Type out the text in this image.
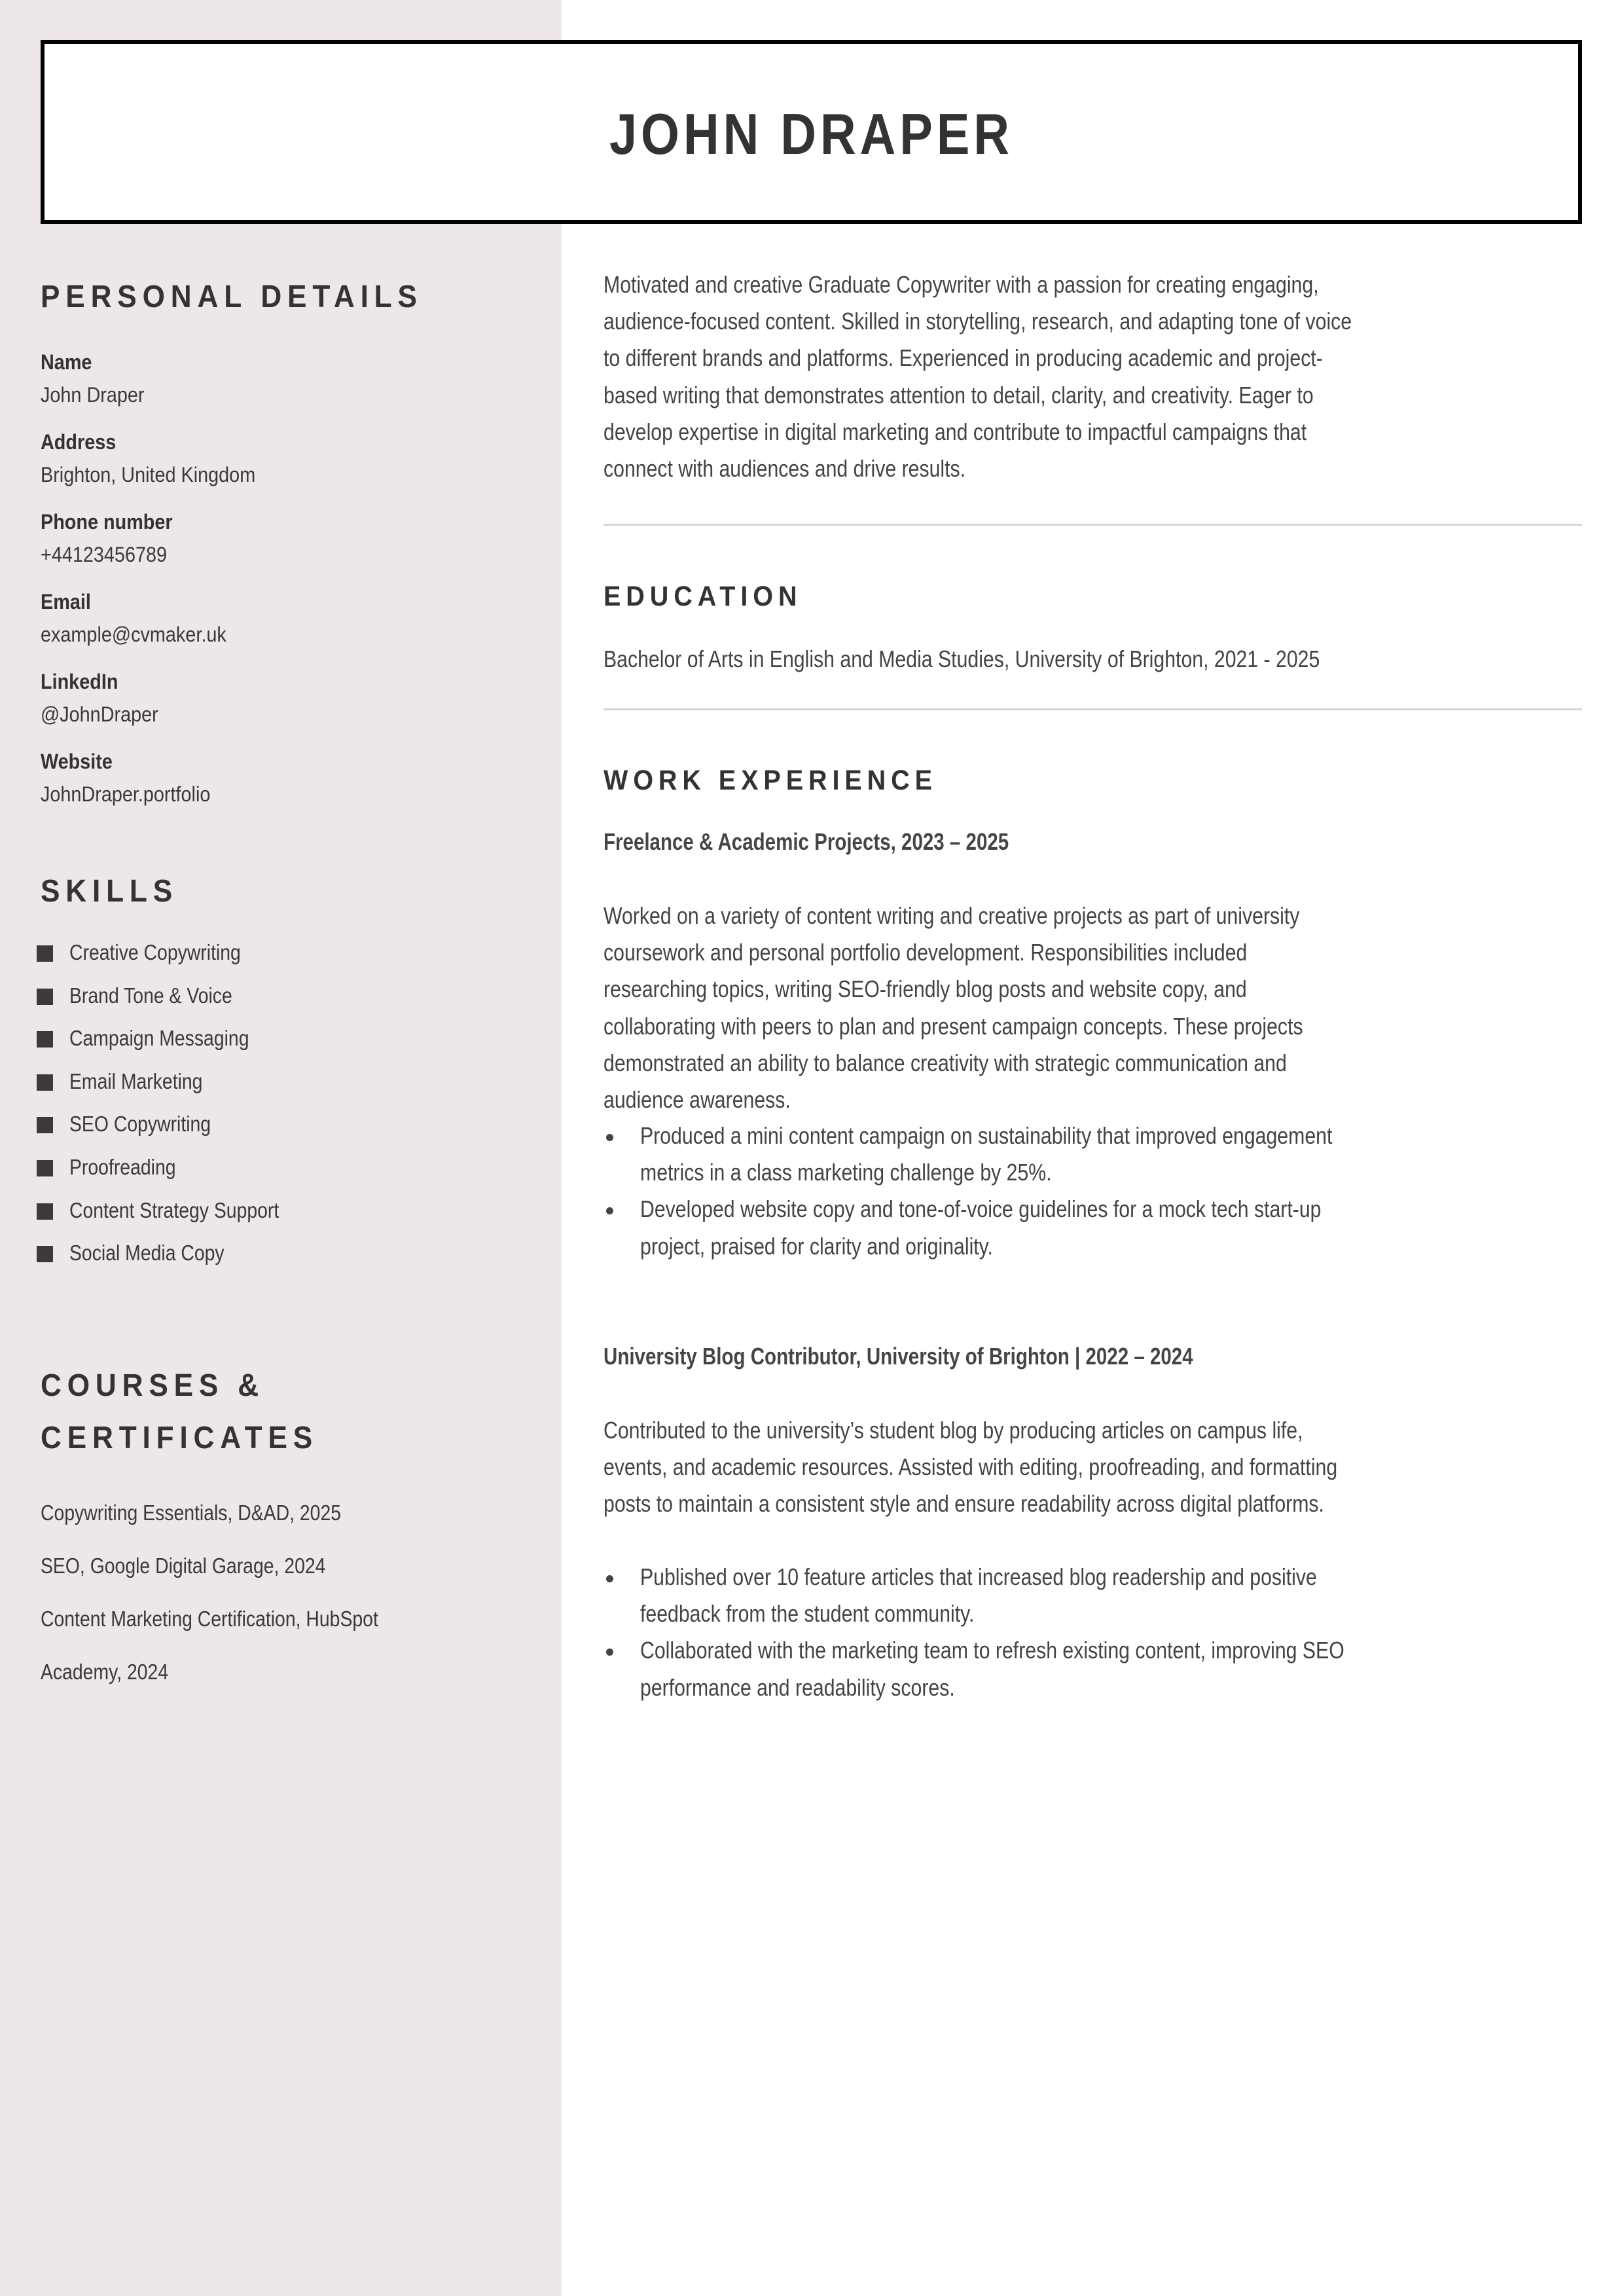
JOHN DRAPER
PERSONAL DETAILS
Name
John Draper
Address
Brighton, United Kingdom
Phone number
+44123456789
Email
example@cvmaker.uk
LinkedIn
@JohnDraper
Website
JohnDraper.portfolio
SKILLS
Creative Copywriting
Brand Tone & Voice
Campaign Messaging
Email Marketing
SEO Copywriting
Proofreading
Content Strategy Support
Social Media Copy
COURSES &
CERTIFICATES
Copywriting Essentials, D&AD, 2025
SEO, Google Digital Garage, 2024
Content Marketing Certification, HubSpot
Academy, 2024
Motivated and creative Graduate Copywriter with a passion for creating engaging,
audience-focused content. Skilled in storytelling, research, and adapting tone of voice
to different brands and platforms. Experienced in producing academic and project-
based writing that demonstrates attention to detail, clarity, and creativity. Eager to
develop expertise in digital marketing and contribute to impactful campaigns that
connect with audiences and drive results.
EDUCATION
Bachelor of Arts in English and Media Studies, University of Brighton, 2021 - 2025
WORK EXPERIENCE
Freelance & Academic Projects, 2023 – 2025
Worked on a variety of content writing and creative projects as part of university
coursework and personal portfolio development. Responsibilities included
researching topics, writing SEO-friendly blog posts and website copy, and
collaborating with peers to plan and present campaign concepts. These projects
demonstrated an ability to balance creativity with strategic communication and
audience awareness.
Produced a mini content campaign on sustainability that improved engagement
metrics in a class marketing challenge by 25%.
Developed website copy and tone-of-voice guidelines for a mock tech start-up
project, praised for clarity and originality.
University Blog Contributor, University of Brighton | 2022 – 2024
Contributed to the university’s student blog by producing articles on campus life,
events, and academic resources. Assisted with editing, proofreading, and formatting
posts to maintain a consistent style and ensure readability across digital platforms.
Published over 10 feature articles that increased blog readership and positive
feedback from the student community.
Collaborated with the marketing team to refresh existing content, improving SEO
performance and readability scores.
